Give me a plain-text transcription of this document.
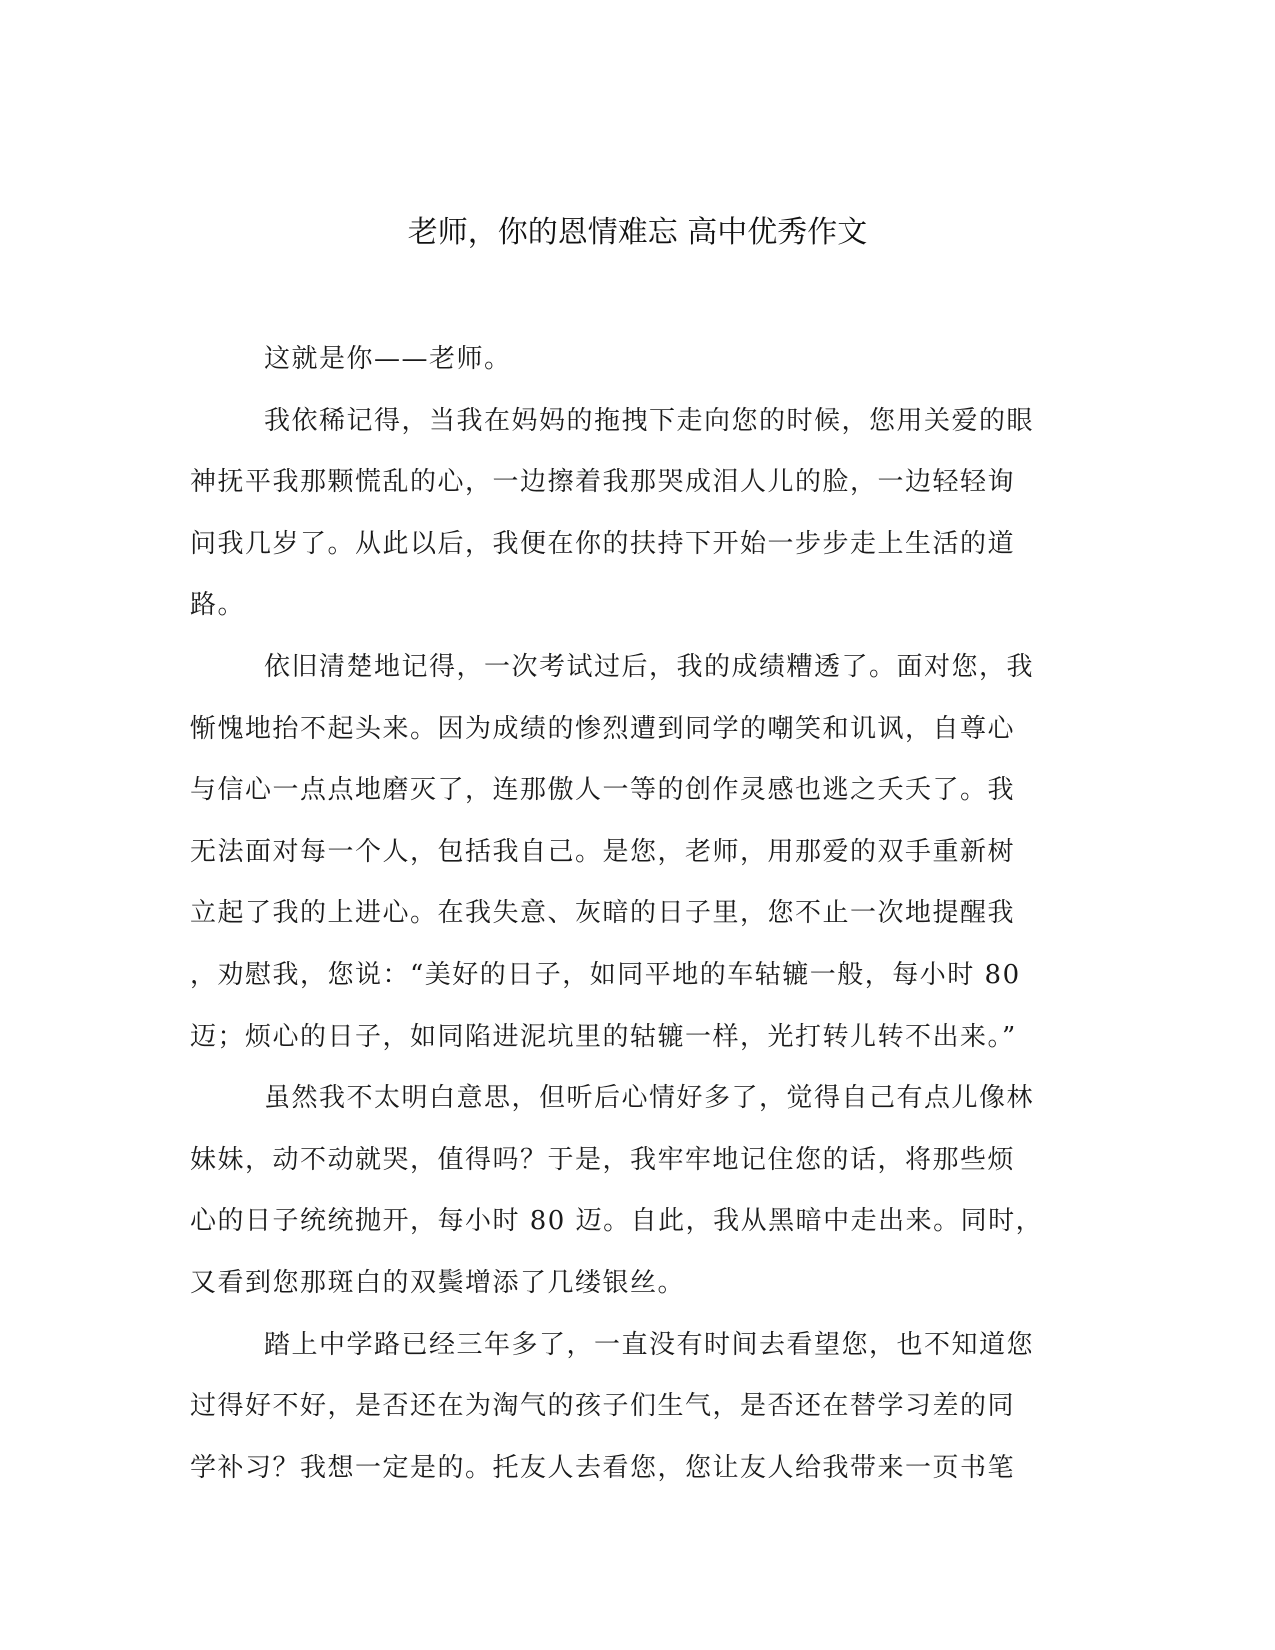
老师，你的恩情难忘 高中优秀作文
这就是你——老师。
我依稀记得，当我在妈妈的拖拽下走向您的时候，您用关爱的眼
神抚平我那颗慌乱的心，一边擦着我那哭成泪人儿的脸，一边轻轻询
问我几岁了。从此以后，我便在你的扶持下开始一步步走上生活的道
路。
依旧清楚地记得，一次考试过后，我的成绩糟透了。面对您，我
惭愧地抬不起头来。因为成绩的惨烈遭到同学的嘲笑和讥讽，自尊心
与信心一点点地磨灭了，连那傲人一等的创作灵感也逃之夭夭了。我
无法面对每一个人，包括我自己。是您，老师，用那爱的双手重新树
立起了我的上进心。在我失意、灰暗的日子里，您不止一次地提醒我
，劝慰我，您说：“美好的日子，如同平地的车轱辘一般，每小时 80
迈；烦心的日子，如同陷进泥坑里的轱辘一样，光打转儿转不出来。”
虽然我不太明白意思，但听后心情好多了，觉得自己有点儿像林
妹妹，动不动就哭，值得吗？于是，我牢牢地记住您的话，将那些烦
心的日子统统抛开，每小时 80 迈。自此，我从黑暗中走出来。同时，
又看到您那斑白的双鬓增添了几缕银丝。
踏上中学路已经三年多了，一直没有时间去看望您，也不知道您
过得好不好，是否还在为淘气的孩子们生气，是否还在替学习差的同
学补习？我想一定是的。托友人去看您，您让友人给我带来一页书笔
